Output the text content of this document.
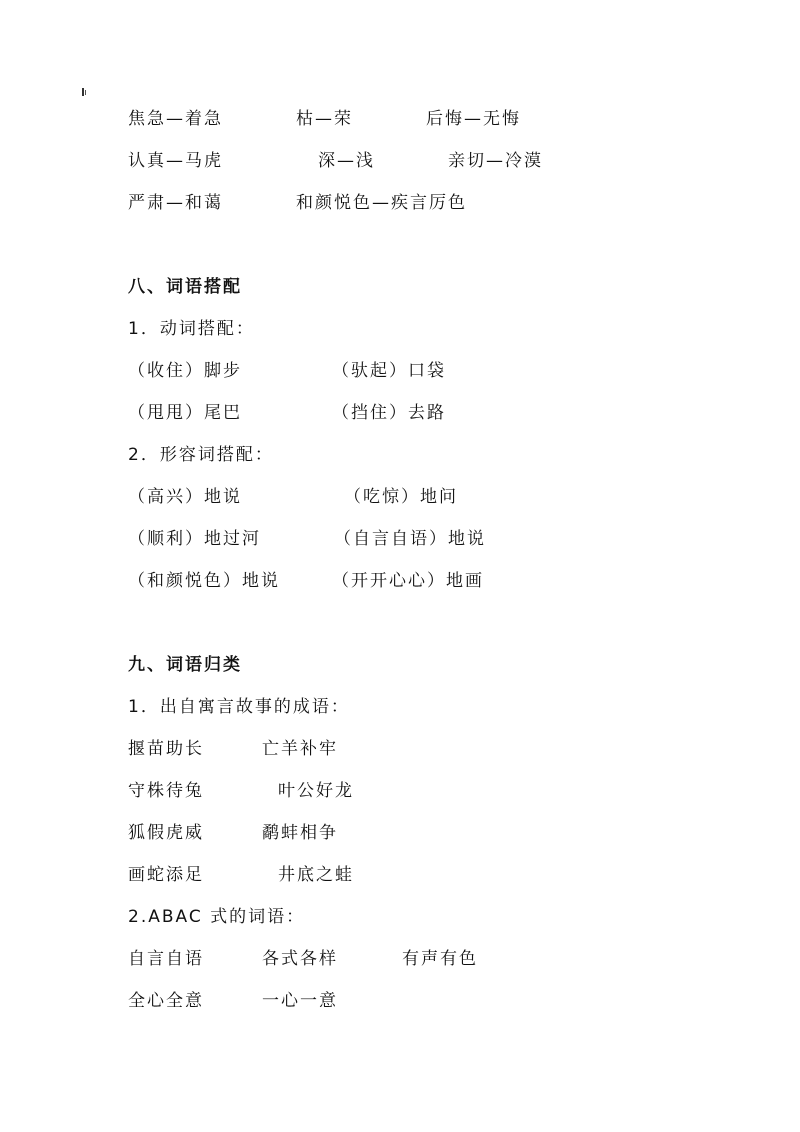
焦急—着急	枯—荣	后悔—无悔
认真—马虎	深—浅	亲切—冷漠
严肃—和蔼	和颜悦色—疾言厉色
八、词语搭配
1．动词搭配：
（收住）脚步	（驮起）口袋
（甩甩）尾巴	（挡住）去路
2．形容词搭配：
（高兴）地说	（吃惊）地问
（顺利）地过河	（自言自语）地说
（和颜悦色）地说	（开开心心）地画
九、词语归类
1．出自寓言故事的成语：
揠苗助长	亡羊补牢
守株待兔	叶公好龙
狐假虎威	鹬蚌相争
画蛇添足	井底之蛙
2.ABAC 式的词语：
自言自语	各式各样	有声有色
全心全意	一心一意
